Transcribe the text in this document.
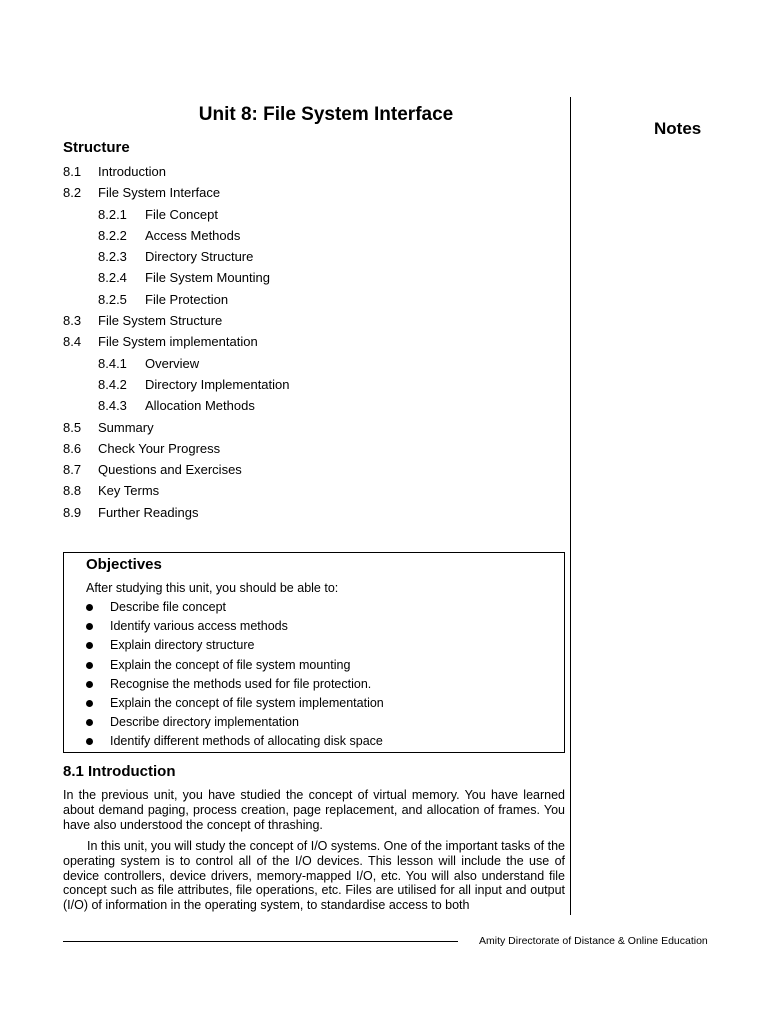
Unit 8: File System Interface
Notes
Structure
8.1 Introduction
8.2 File System Interface
8.2.1 File Concept
8.2.2 Access Methods
8.2.3 Directory Structure
8.2.4 File System Mounting
8.2.5 File Protection
8.3 File System Structure
8.4 File System implementation
8.4.1 Overview
8.4.2 Directory Implementation
8.4.3 Allocation Methods
8.5 Summary
8.6 Check Your Progress
8.7 Questions and Exercises
8.8 Key Terms
8.9 Further Readings
Objectives
After studying this unit, you should be able to:
Describe file concept
Identify various access methods
Explain directory structure
Explain the concept of file system mounting
Recognise the methods used for file protection.
Explain the concept of file system implementation
Describe directory implementation
Identify different methods of allocating disk space
8.1 Introduction

In the previous unit, you have studied the concept of virtual memory. You have learned about demand paging, process creation, page replacement, and allocation of frames. You have also understood the concept of thrashing.

In this unit, you will study the concept of I/O systems. One of the important tasks of the operating system is to control all of the I/O devices. This lesson will include the use of device controllers, device drivers, memory-mapped I/O, etc. You will also understand file concept such as file attributes, file operations, etc. Files are utilised for all input and output (I/O) of information in the operating system, to standardise access to both

Amity Directorate of Distance & Online Education
